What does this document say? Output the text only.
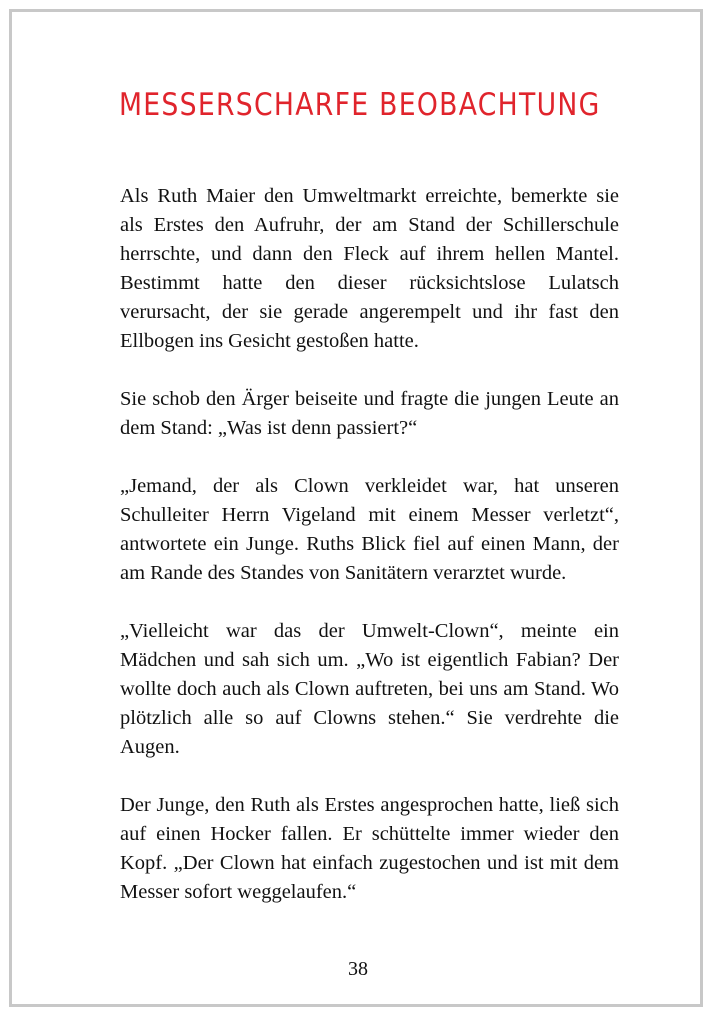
MESSERSCHARFE BEOBACHTUNG

Als Ruth Maier den Umweltmarkt erreichte, bemerkte sie als Erstes den Aufruhr, der am Stand der Schillerschule herrschte, und dann den Fleck auf ihrem hellen Mantel. Bestimmt hatte den dieser rücksichtslose Lulatsch verursacht, der sie gerade angerempelt und ihr fast den Ellbogen ins Gesicht gestoßen hatte.

Sie schob den Ärger beiseite und fragte die jungen Leute an dem Stand: „Was ist denn passiert?“

„Jemand, der als Clown verkleidet war, hat unseren Schulleiter Herrn Vigeland mit einem Messer verletzt“, antwortete ein Junge. Ruths Blick fiel auf einen Mann, der am Rande des Standes von Sanitätern verarztet wurde.

„Vielleicht war das der Umwelt-Clown“, meinte ein Mädchen und sah sich um. „Wo ist eigentlich Fabian? Der wollte doch auch als Clown auftreten, bei uns am Stand. Wo plötzlich alle so auf Clowns stehen.“ Sie verdrehte die Augen.

Der Junge, den Ruth als Erstes angesprochen hatte, ließ sich auf einen Hocker fallen. Er schüttelte immer wieder den Kopf. „Der Clown hat einfach zugestochen und ist mit dem Messer sofort weggelaufen.“

38
